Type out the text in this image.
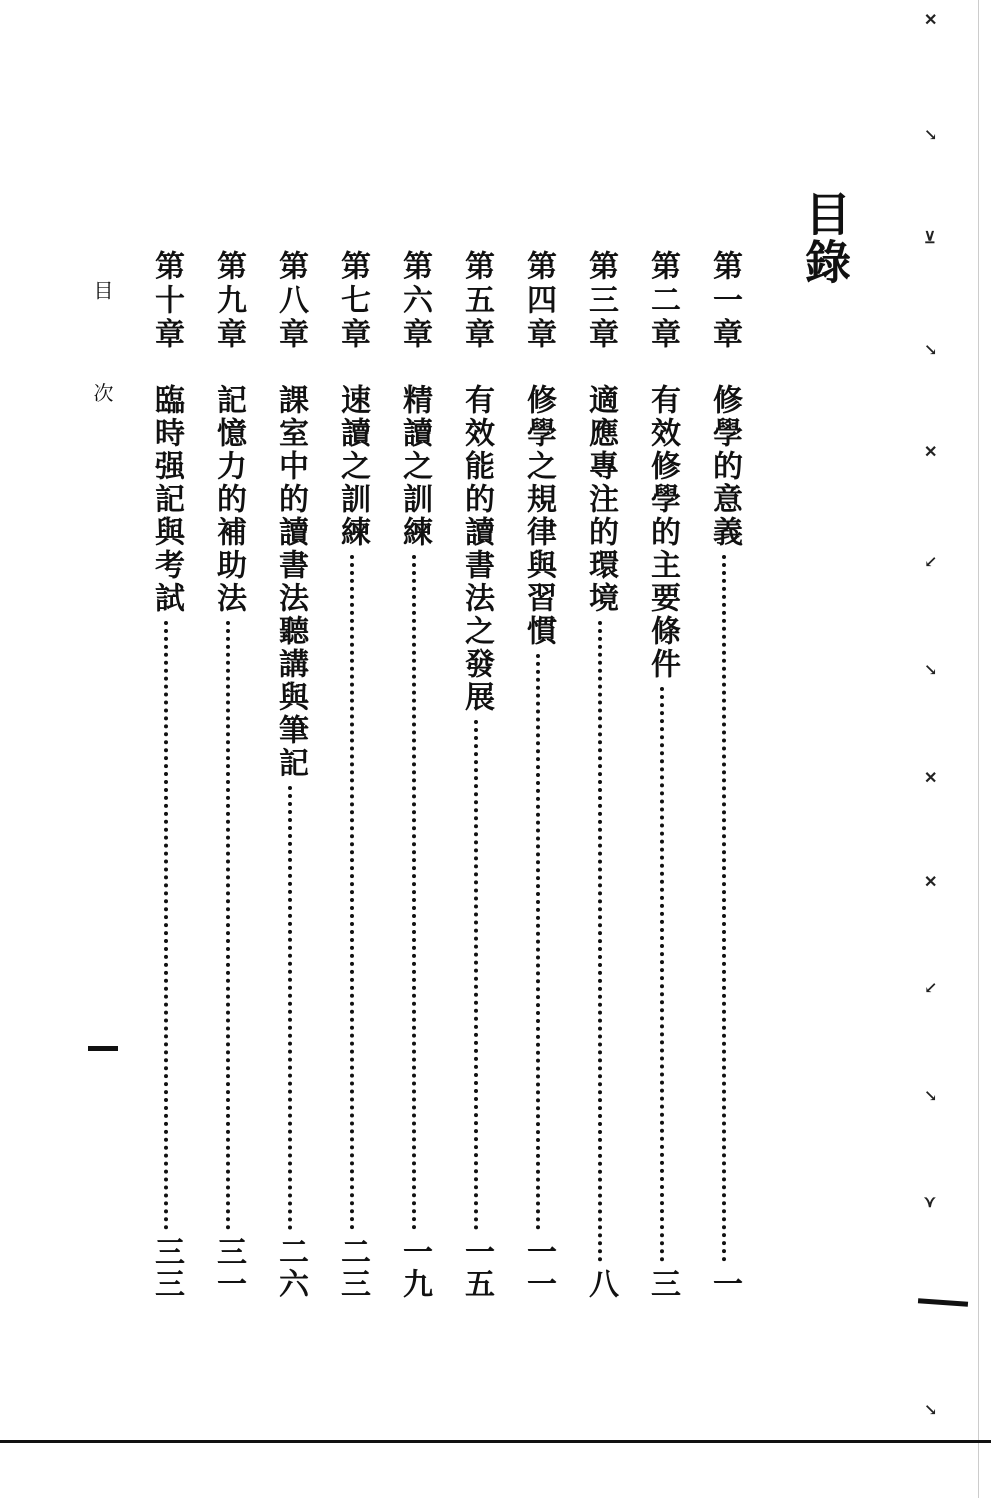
目錄
第一章
修學的意義
一
第二章
有效修學的主要條件
三
第三章
適應專注的環境
八
第四章
修學之規律與習慣
一一
第五章
有效能的讀書法之發展
一五
第六章
精讀之訓練
一九
第七章
速讀之訓練
二三
第八章
課室中的讀書法聽講與筆記
二六
第九章
記憶力的補助法
三一
第十章
臨時强記與考試
三三
目 次
✕
↘
⊻
↘
✕
↙
↘
✕
✕
↙
↘
⋎
↘
